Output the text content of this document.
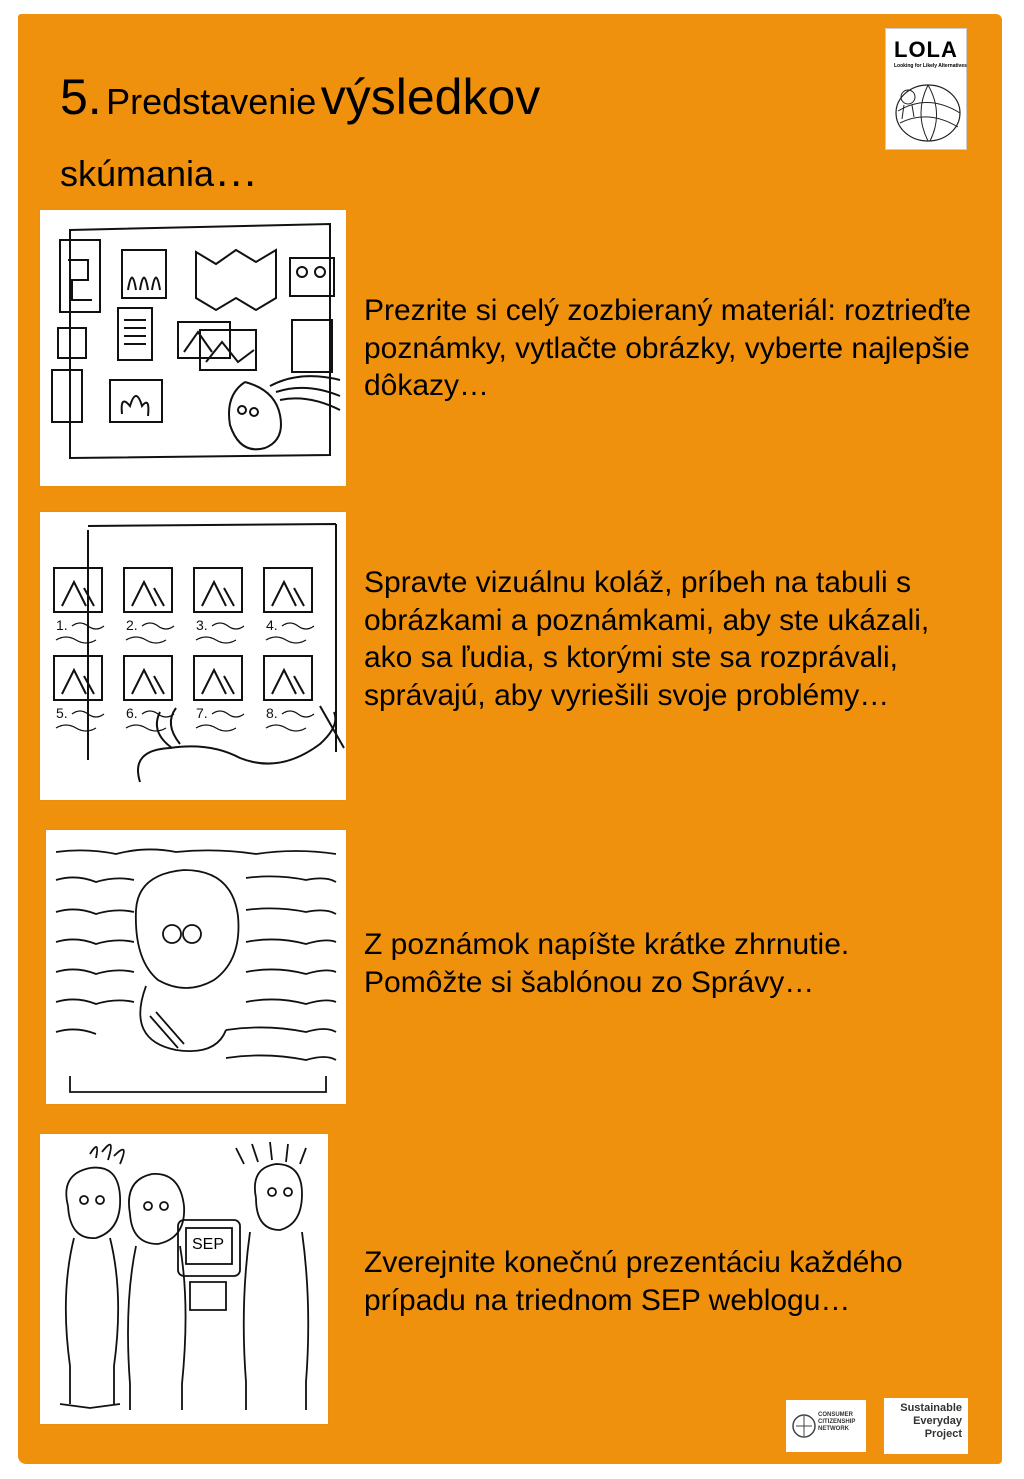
5. Predstavenie výsledkov
skúmania…
LOLA
Looking for Likely Alternatives
1.	2.	3.	4.
5.	6.	7.	8.
SEP
Prezrite si celý zozbieraný materiál: roztrieďte poznámky, vytlačte obrázky, vyberte najlepšie dôkazy…
Spravte vizuálnu koláž, príbeh na tabuli s obrázkami a poznámkami, aby ste ukázali, ako sa ľudia, s ktorými ste sa rozprávali, správajú, aby vyriešili svoje problémy…
Z poznámok napíšte krátke zhrnutie. Pomôžte si šablónou zo Správy…
Zverejnite konečnú prezentáciu každého prípadu na triednom SEP weblogu…
CONSUMER CITIZENSHIP NETWORK
Sustainable
Everyday
Project
